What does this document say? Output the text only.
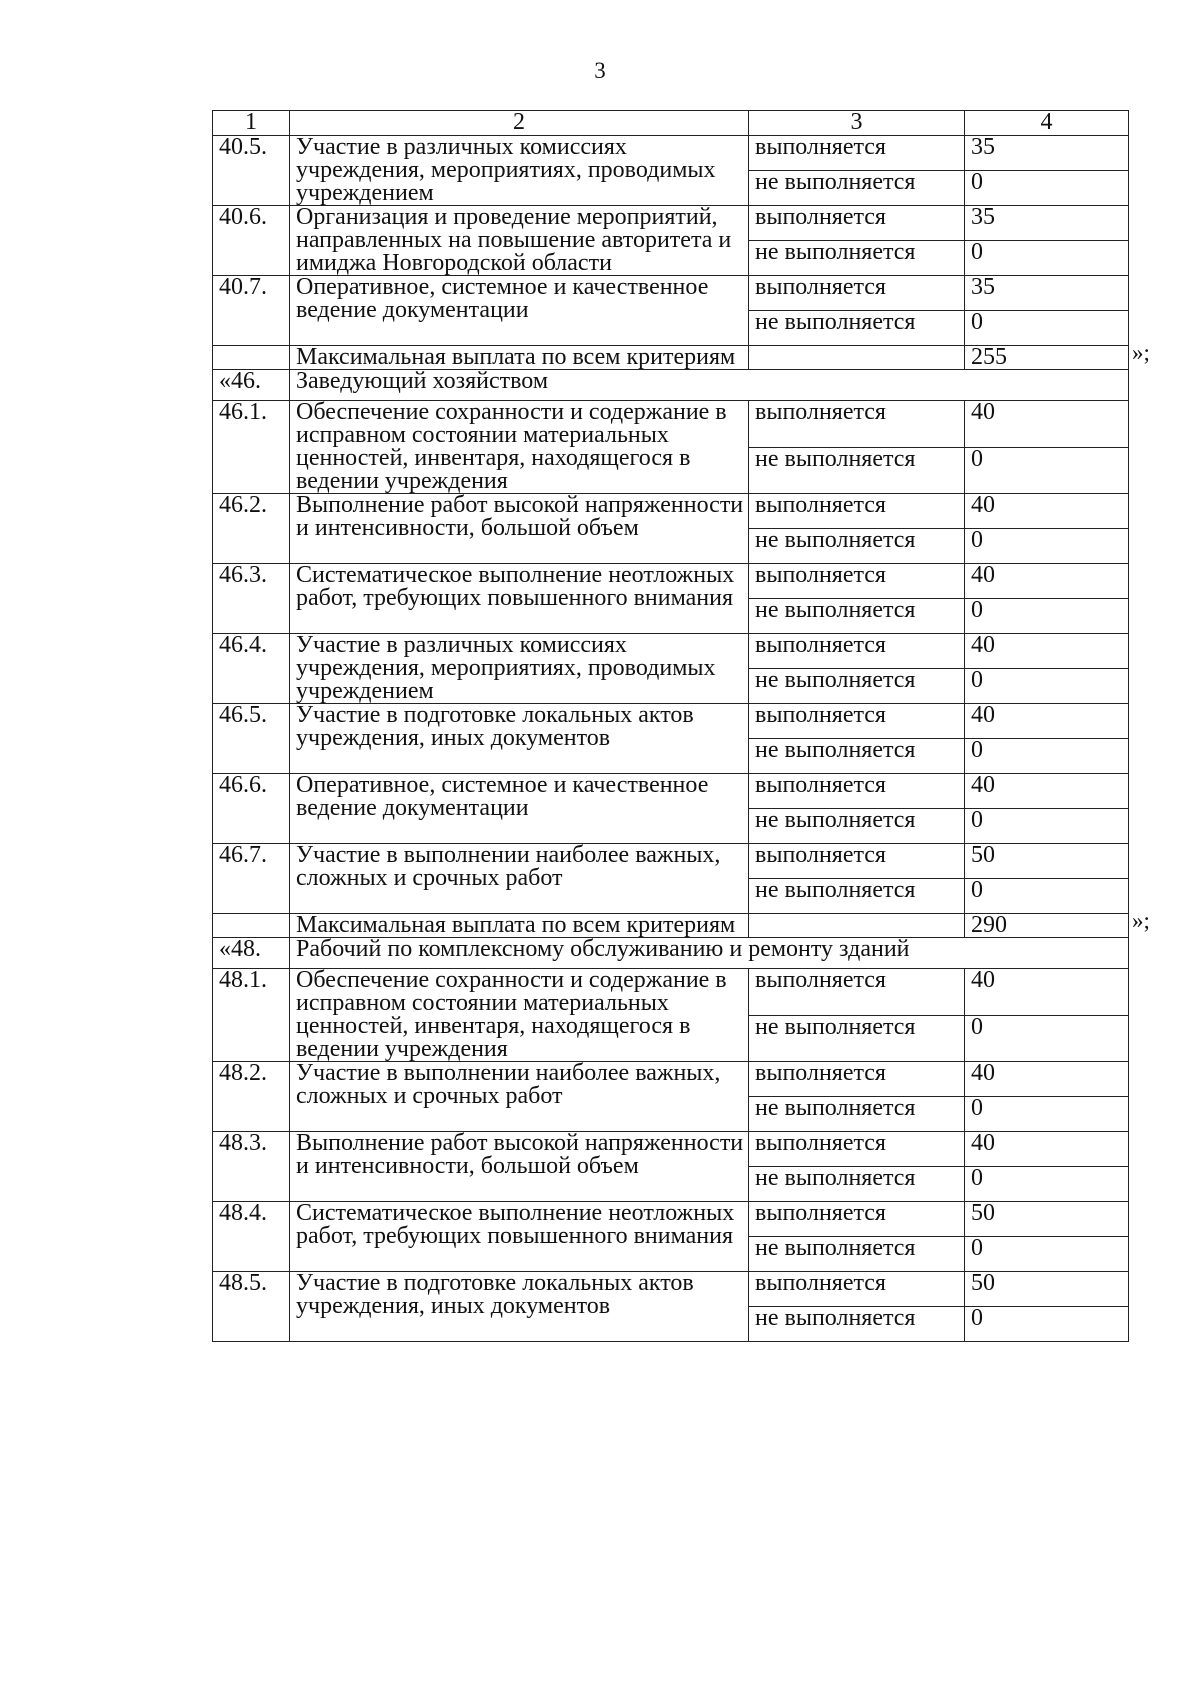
3
1	2	3	4
40.5.	Участие в различных комиссиях учреждения, мероприятиях, проводимых учреждением	выполняется	35
		не выполняется	0
40.6.	Организация и проведение мероприятий, направленных на повышение авторитета и имиджа Новгородской области	выполняется	35
		не выполняется	0
40.7.	Оперативное, системное и качественное ведение документации	выполняется	35
		не выполняется	0
	Максимальная выплата по всем критериям		255
«46.	Заведующий хозяйством		
46.1.	Обеспечение сохранности и содержание в исправном состоянии материальных ценностей, инвентаря, находящегося в ведении учреждения	выполняется	40
		не выполняется	0
46.2.	Выполнение работ высокой напряженности и интенсивности, большой объем	выполняется	40
		не выполняется	0
46.3.	Систематическое выполнение неотложных работ, требующих повышенного внимания	выполняется	40
		не выполняется	0
46.4.	Участие в различных комиссиях учреждения, мероприятиях, проводимых учреждением	выполняется	40
		не выполняется	0
46.5.	Участие в подготовке локальных актов учреждения, иных документов	выполняется	40
		не выполняется	0
46.6.	Оперативное, системное и качественное ведение документации	выполняется	40
		не выполняется	0
46.7.	Участие в выполнении наиболее важных, сложных и срочных работ	выполняется	50
		не выполняется	0
	Максимальная выплата по всем критериям		290
«48.	Рабочий по комплексному обслуживанию и ремонту зданий		
48.1.	Обеспечение сохранности и содержание в исправном состоянии материальных ценностей, инвентаря, находящегося в ведении учреждения	выполняется	40
		не выполняется	0
48.2.	Участие в выполнении наиболее важных, сложных и срочных работ	выполняется	40
		не выполняется	0
48.3.	Выполнение работ высокой напряженности и интенсивности, большой объем	выполняется	40
		не выполняется	0
48.4.	Систематическое выполнение неотложных работ, требующих повышенного внимания	выполняется	50
		не выполняется	0
48.5.	Участие в подготовке локальных актов учреждения, иных документов	выполняется	50
		не выполняется	0
»;
»;
